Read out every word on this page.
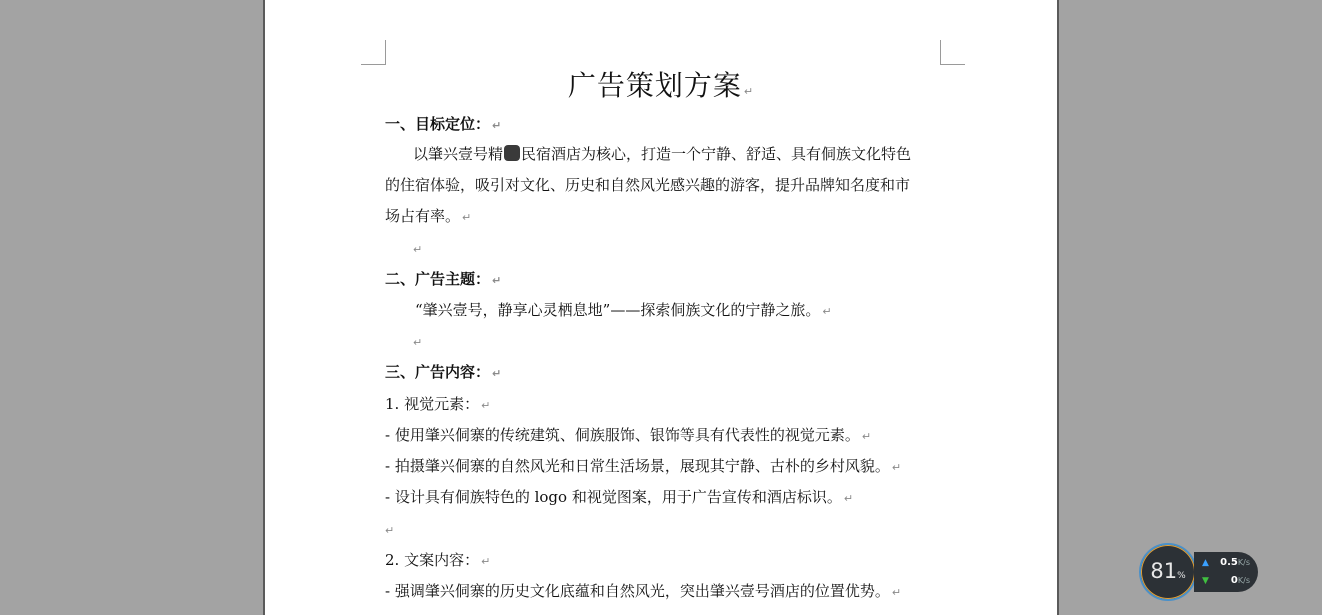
广告策划方案 ↵
一、目标定位： ↵
以肇兴壹号精 民宿酒店为核心，打造一个宁静、舒适、具有侗族文化特色
的住宿体验，吸引对文化、历史和自然风光感兴趣的游客，提升品牌知名度和市
场占有率。 ↵
↵
二、广告主题： ↵
“肇兴壹号，静享心灵栖息地”——探索侗族文化的宁静之旅。 ↵
↵
三、广告内容： ↵
1. 视觉元素： ↵
- 使用肇兴侗寨的传统建筑、侗族服饰、银饰等具有代表性的视觉元素。 ↵
- 拍摄肇兴侗寨的自然风光和日常生活场景，展现其宁静、古朴的乡村风貌。 ↵
- 设计具有侗族特色的 logo 和视觉图案，用于广告宣传和酒店标识。 ↵
↵
2. 文案内容： ↵
- 强调肇兴侗寨的历史文化底蕴和自然风光，突出肇兴壹号酒店的位置优势。 ↵
81%
▲ 0.5K/s
▼ 0K/s
